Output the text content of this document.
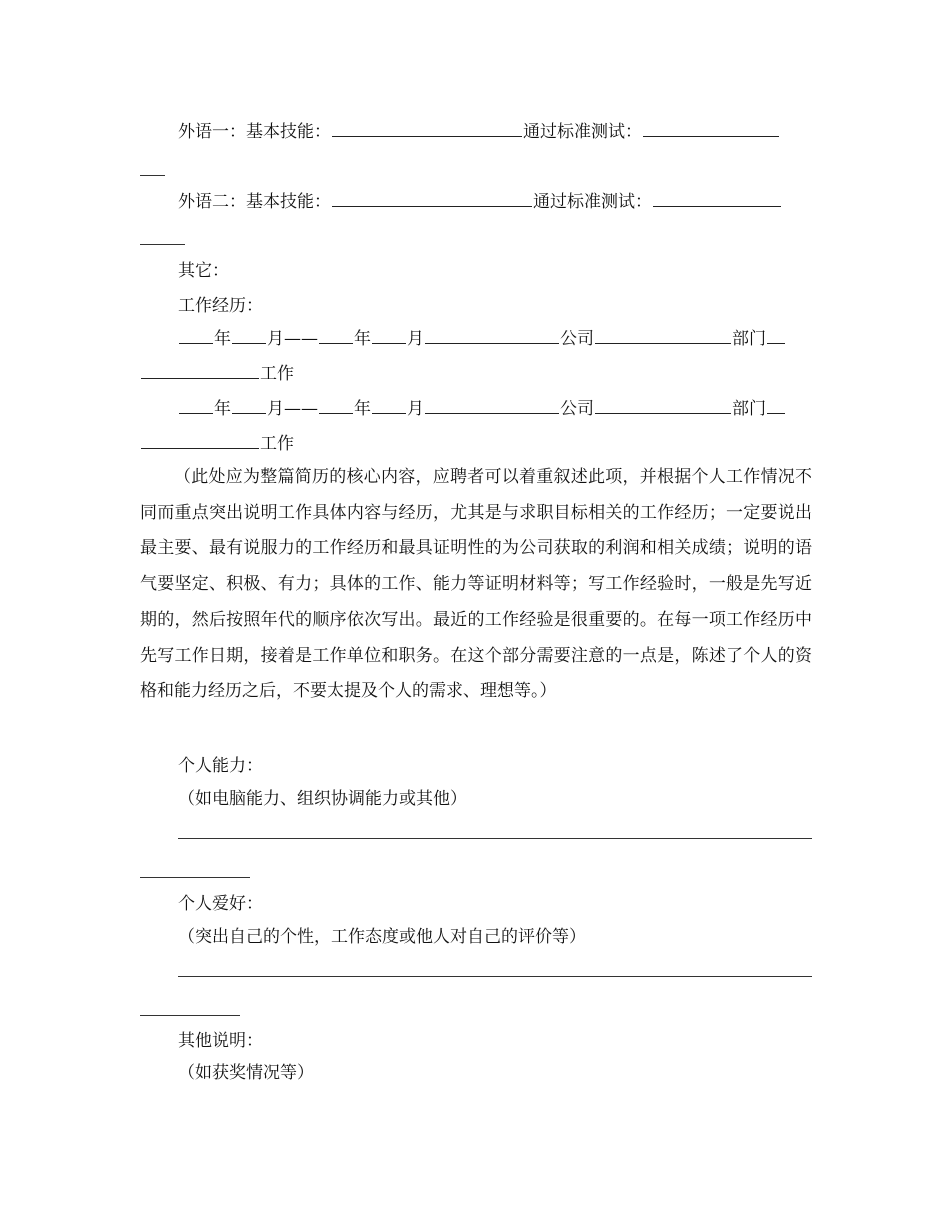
外语一：基本技能：	通过标准测试：
外语二：基本技能：	通过标准测试：
其它：
工作经历：
年 月—— 年 月	公司	部门
工作
年 月—— 年 月	公司	部门
工作
（此处应为整篇简历的核心内容，应聘者可以着重叙述此项，并根据个人工作情况不同而重点突出说明工作具体内容与经历，尤其是与求职目标相关的工作经历；一定要说出最主要、最有说服力的工作经历和最具证明性的为公司获取的利润和相关成绩；说明的语气要坚定、积极、有力；具体的工作、能力等证明材料等；写工作经验时，一般是先写近期的，然后按照年代的顺序依次写出。最近的工作经验是很重要的。在每一项工作经历中先写工作日期，接着是工作单位和职务。在这个部分需要注意的一点是，陈述了个人的资格和能力经历之后，不要太提及个人的需求、理想等。）
个人能力：
（如电脑能力、组织协调能力或其他）
个人爱好：
（突出自己的个性，工作态度或他人对自己的评价等）
其他说明：
（如获奖情况等）
